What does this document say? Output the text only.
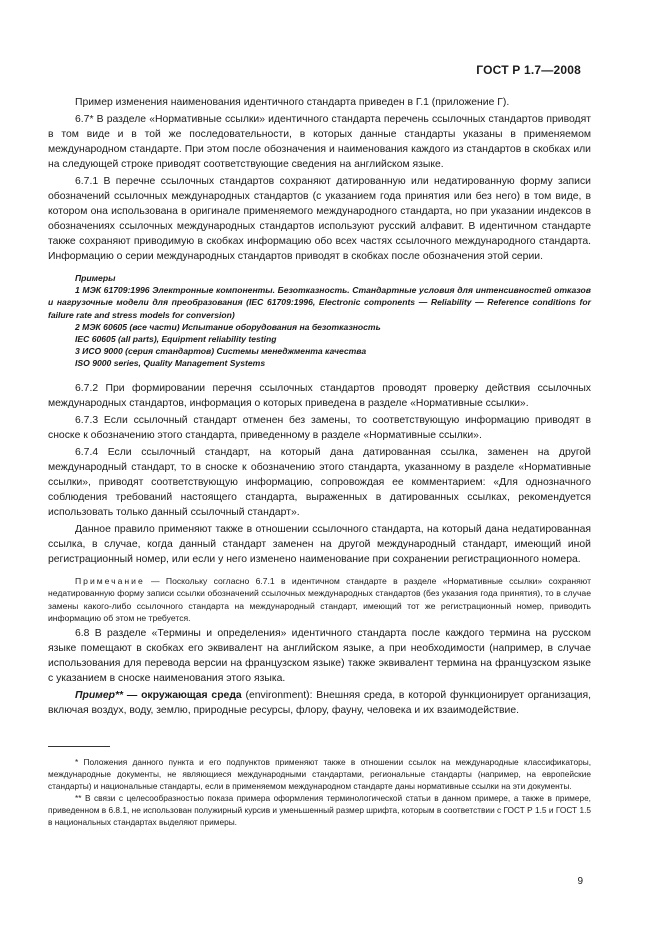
ГОСТ Р 1.7—2008

Пример изменения наименования идентичного стандарта приведен в Г.1 (приложение Г).

6.7* В разделе «Нормативные ссылки» идентичного стандарта перечень ссылочных стандартов приводят в том виде и в той же последовательности, в которых данные стандарты указаны в применяемом международном стандарте. При этом после обозначения и наименования каждого из стандартов в скобках или на следующей строке приводят соответствующие сведения на английском языке.

6.7.1 В перечне ссылочных стандартов сохраняют датированную или недатированную форму записи обозначений ссылочных международных стандартов (с указанием года принятия или без него) в том виде, в котором она использована в оригинале применяемого международного стандарта, но при указании индексов в обозначениях ссылочных международных стандартов используют русский алфавит. В идентичном стандарте также сохраняют приводимую в скобках информацию обо всех частях ссылочного международного стандарта. Информацию о серии международных стандартов приводят в скобках после обозначения этой серии.

Примеры

1 МЭК 61709:1996 Электронные компоненты. Безотказность. Стандартные условия для интенсивностей отказов и нагрузочные модели для преобразования (IEC 61709:1996, Electronic components — Reliability — Reference conditions for failure rate and stress models for conversion)

2 МЭК 60605 (все части) Испытание оборудования на безотказность

IEC 60605 (all parts), Equipment reliability testing

3 ИСО 9000 (серия стандартов) Системы менеджмента качества

ISO 9000 series, Quality Management Systems

6.7.2 При формировании перечня ссылочных стандартов проводят проверку действия ссылочных международных стандартов, информация о которых приведена в разделе «Нормативные ссылки».

6.7.3 Если ссылочный стандарт отменен без замены, то соответствующую информацию приводят в сноске к обозначению этого стандарта, приведенному в разделе «Нормативные ссылки».

6.7.4 Если ссылочный стандарт, на который дана датированная ссылка, заменен на другой международный стандарт, то в сноске к обозначению этого стандарта, указанному в разделе «Нормативные ссылки», приводят соответствующую информацию, сопровождая ее комментарием: «Для однозначного соблюдения требований настоящего стандарта, выраженных в датированных ссылках, рекомендуется использовать только данный ссылочный стандарт».

Данное правило применяют также в отношении ссылочного стандарта, на который дана недатированная ссылка, в случае, когда данный стандарт заменен на другой международный стандарт, имеющий иной регистрационный номер, или если у него изменено наименование при сохранении регистрационного номера.

Примечание — Поскольку согласно 6.7.1 в идентичном стандарте в разделе «Нормативные ссылки» сохраняют недатированную форму записи ссылки обозначений ссылочных международных стандартов (без указания года принятия), то в случае замены какого-либо ссылочного стандарта на международный стандарт, имеющий тот же регистрационный номер, приводить информацию об этом не требуется.

6.8 В разделе «Термины и определения» идентичного стандарта после каждого термина на русском языке помещают в скобках его эквивалент на английском языке, а при необходимости (например, в случае использования для перевода версии на французском языке) также эквивалент термина на французском языке с указанием в сноске наименования этого языка.

Пример** — окружающая среда (environment): Внешняя среда, в которой функционирует организация, включая воздух, воду, землю, природные ресурсы, флору, фауну, человека и их взаимодействие.

* Положения данного пункта и его подпунктов применяют также в отношении ссылок на международные классификаторы, международные документы, не являющиеся международными стандартами, региональные стандарты (например, на европейские стандарты) и национальные стандарты, если в применяемом международном стандарте даны нормативные ссылки на эти документы.

** В связи с целесообразностью показа примера оформления терминологической статьи в данном примере, а также в примере, приведенном в 6.8.1, не использован полужирный курсив и уменьшенный размер шрифта, которым в соответствии с ГОСТ Р 1.5 и ГОСТ 1.5 в национальных стандартах выделяют примеры.

9
